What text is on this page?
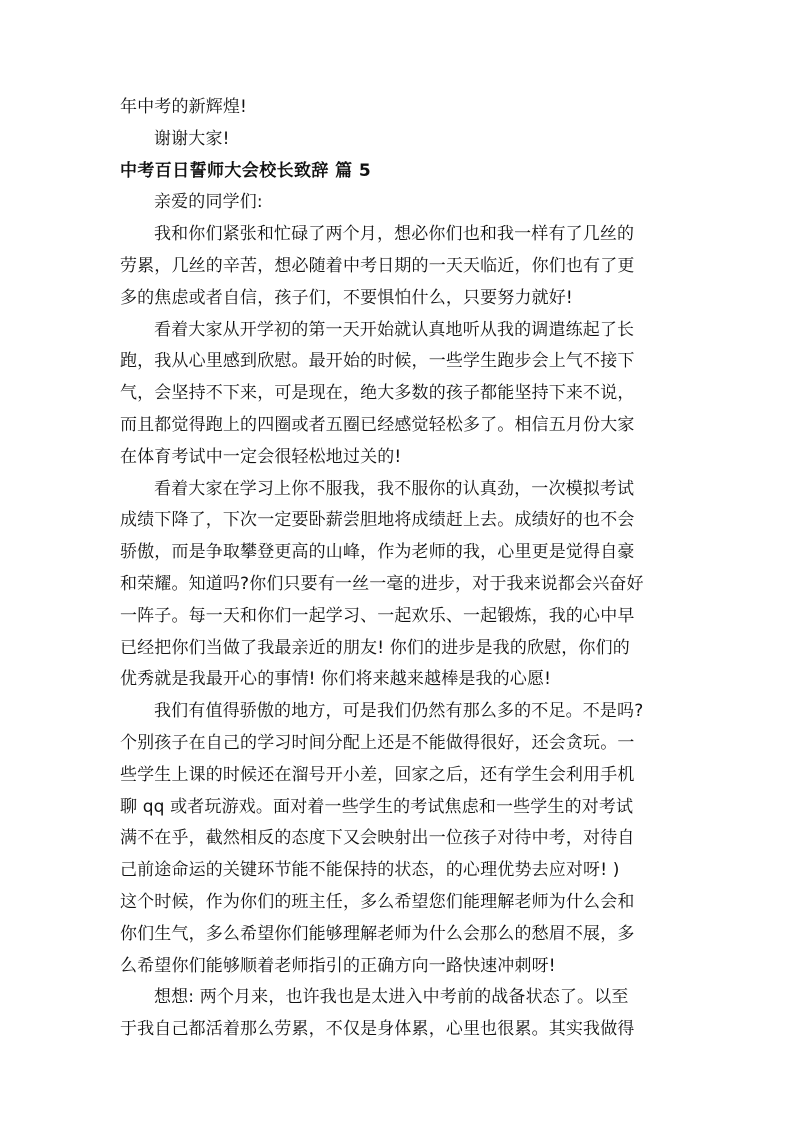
年中考的新辉煌!
谢谢大家!
中考百日誓师大会校长致辞 篇 5
亲爱的同学们:
我和你们紧张和忙碌了两个月，想必你们也和我一样有了几丝的
劳累，几丝的辛苦，想必随着中考日期的一天天临近，你们也有了更
多的焦虑或者自信，孩子们，不要惧怕什么，只要努力就好!
看着大家从开学初的第一天开始就认真地听从我的调遣练起了长
跑，我从心里感到欣慰。最开始的时候，一些学生跑步会上气不接下
气，会坚持不下来，可是现在，绝大多数的孩子都能坚持下来不说，
而且都觉得跑上的四圈或者五圈已经感觉轻松多了。相信五月份大家
在体育考试中一定会很轻松地过关的!
看着大家在学习上你不服我，我不服你的认真劲，一次模拟考试
成绩下降了，下次一定要卧薪尝胆地将成绩赶上去。成绩好的也不会
骄傲，而是争取攀登更高的山峰，作为老师的我，心里更是觉得自豪
和荣耀。知道吗?你们只要有一丝一毫的进步，对于我来说都会兴奋好
一阵子。每一天和你们一起学习、一起欢乐、一起锻炼，我的心中早
已经把你们当做了我最亲近的朋友! 你们的进步是我的欣慰，你们的
优秀就是我最开心的事情! 你们将来越来越棒是我的心愿!
我们有值得骄傲的地方，可是我们仍然有那么多的不足。不是吗?
个别孩子在自己的学习时间分配上还是不能做得很好，还会贪玩。一
些学生上课的时候还在溜号开小差，回家之后，还有学生会利用手机
聊 qq 或者玩游戏。面对着一些学生的考试焦虑和一些学生的对考试
满不在乎，截然相反的态度下又会映射出一位孩子对待中考，对待自
己前途命运的关键环节能不能保持的状态，的心理优势去应对呀! )
这个时候，作为你们的班主任，多么希望您们能理解老师为什么会和
你们生气，多么希望你们能够理解老师为什么会那么的愁眉不展，多
么希望你们能够顺着老师指引的正确方向一路快速冲刺呀!
想想: 两个月来，也许我也是太进入中考前的战备状态了。以至
于我自己都活着那么劳累，不仅是身体累，心里也很累。其实我做得
